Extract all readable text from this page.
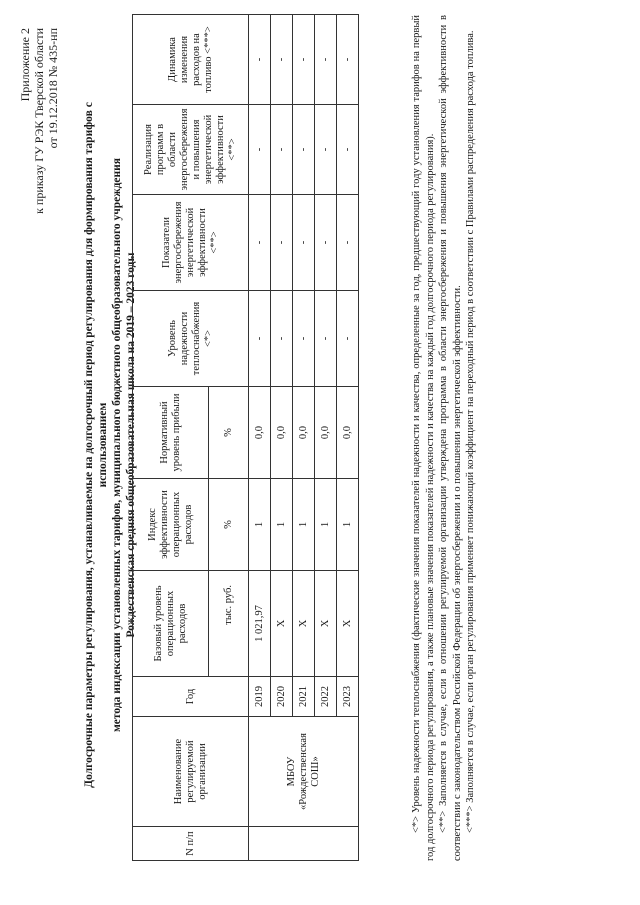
Приложение 2 к приказу ГУ РЭК Тверской области от 19.12.2018 № 435-нп
Долгосрочные параметры регулирования, устанавливаемые на долгосрочный период регулирования для формирования тарифов с использованием метода индексации установленных тарифов, муниципального бюджетного общеобразовательного учреждения Рождественская средняя общеобразовательная школа на 2019 – 2023 годы
N п/п	Наименование регулируемой организации	Год	Базовый уровень операционных расходов	Индекс эффективности операционных расходов	Нормативный уровень прибыли	Уровень надежности теплоснабжения <*>	Показатели энергосбережения энергетической эффективности <**>	Реализация программ в области энергосбережения и повышения энергетической эффективности <**>	Динамика изменения расходов на топливо <***>
			тыс. руб.	%	%				
	МБОУ «Рождественская СОШ»	2019	1 021,97	1	0,0	-	-	-	-
		2020	Х	1	0,0	-	-	-	-
		2021	Х	1	0,0	-	-	-	-
		2022	Х	1	0,0	-	-	-	-
		2023	Х	1	0,0	-	-	-	-	<*> Уровень надежности теплоснабжения (фактические значения показателей надежности и качества, определенные за год, предшествующий году установления тарифов на первый год долгосрочного периода регулирования, а также плановые значения показателей надежности и качества на каждый год долгосрочного периода регулирования). <**> Заполняется в случае, если в отношении регулируемой организации утверждена программа в области энергосбережения и повышения энергетической эффективности в соответствии с законодательством Российской Федерации об энергосбережении и о повышении энергетической эффективности. <***> Заполняется в случае, если орган регулирования применяет понижающий коэффициент на переходный период в соответствии с Правилами распределения расхода топлива.
